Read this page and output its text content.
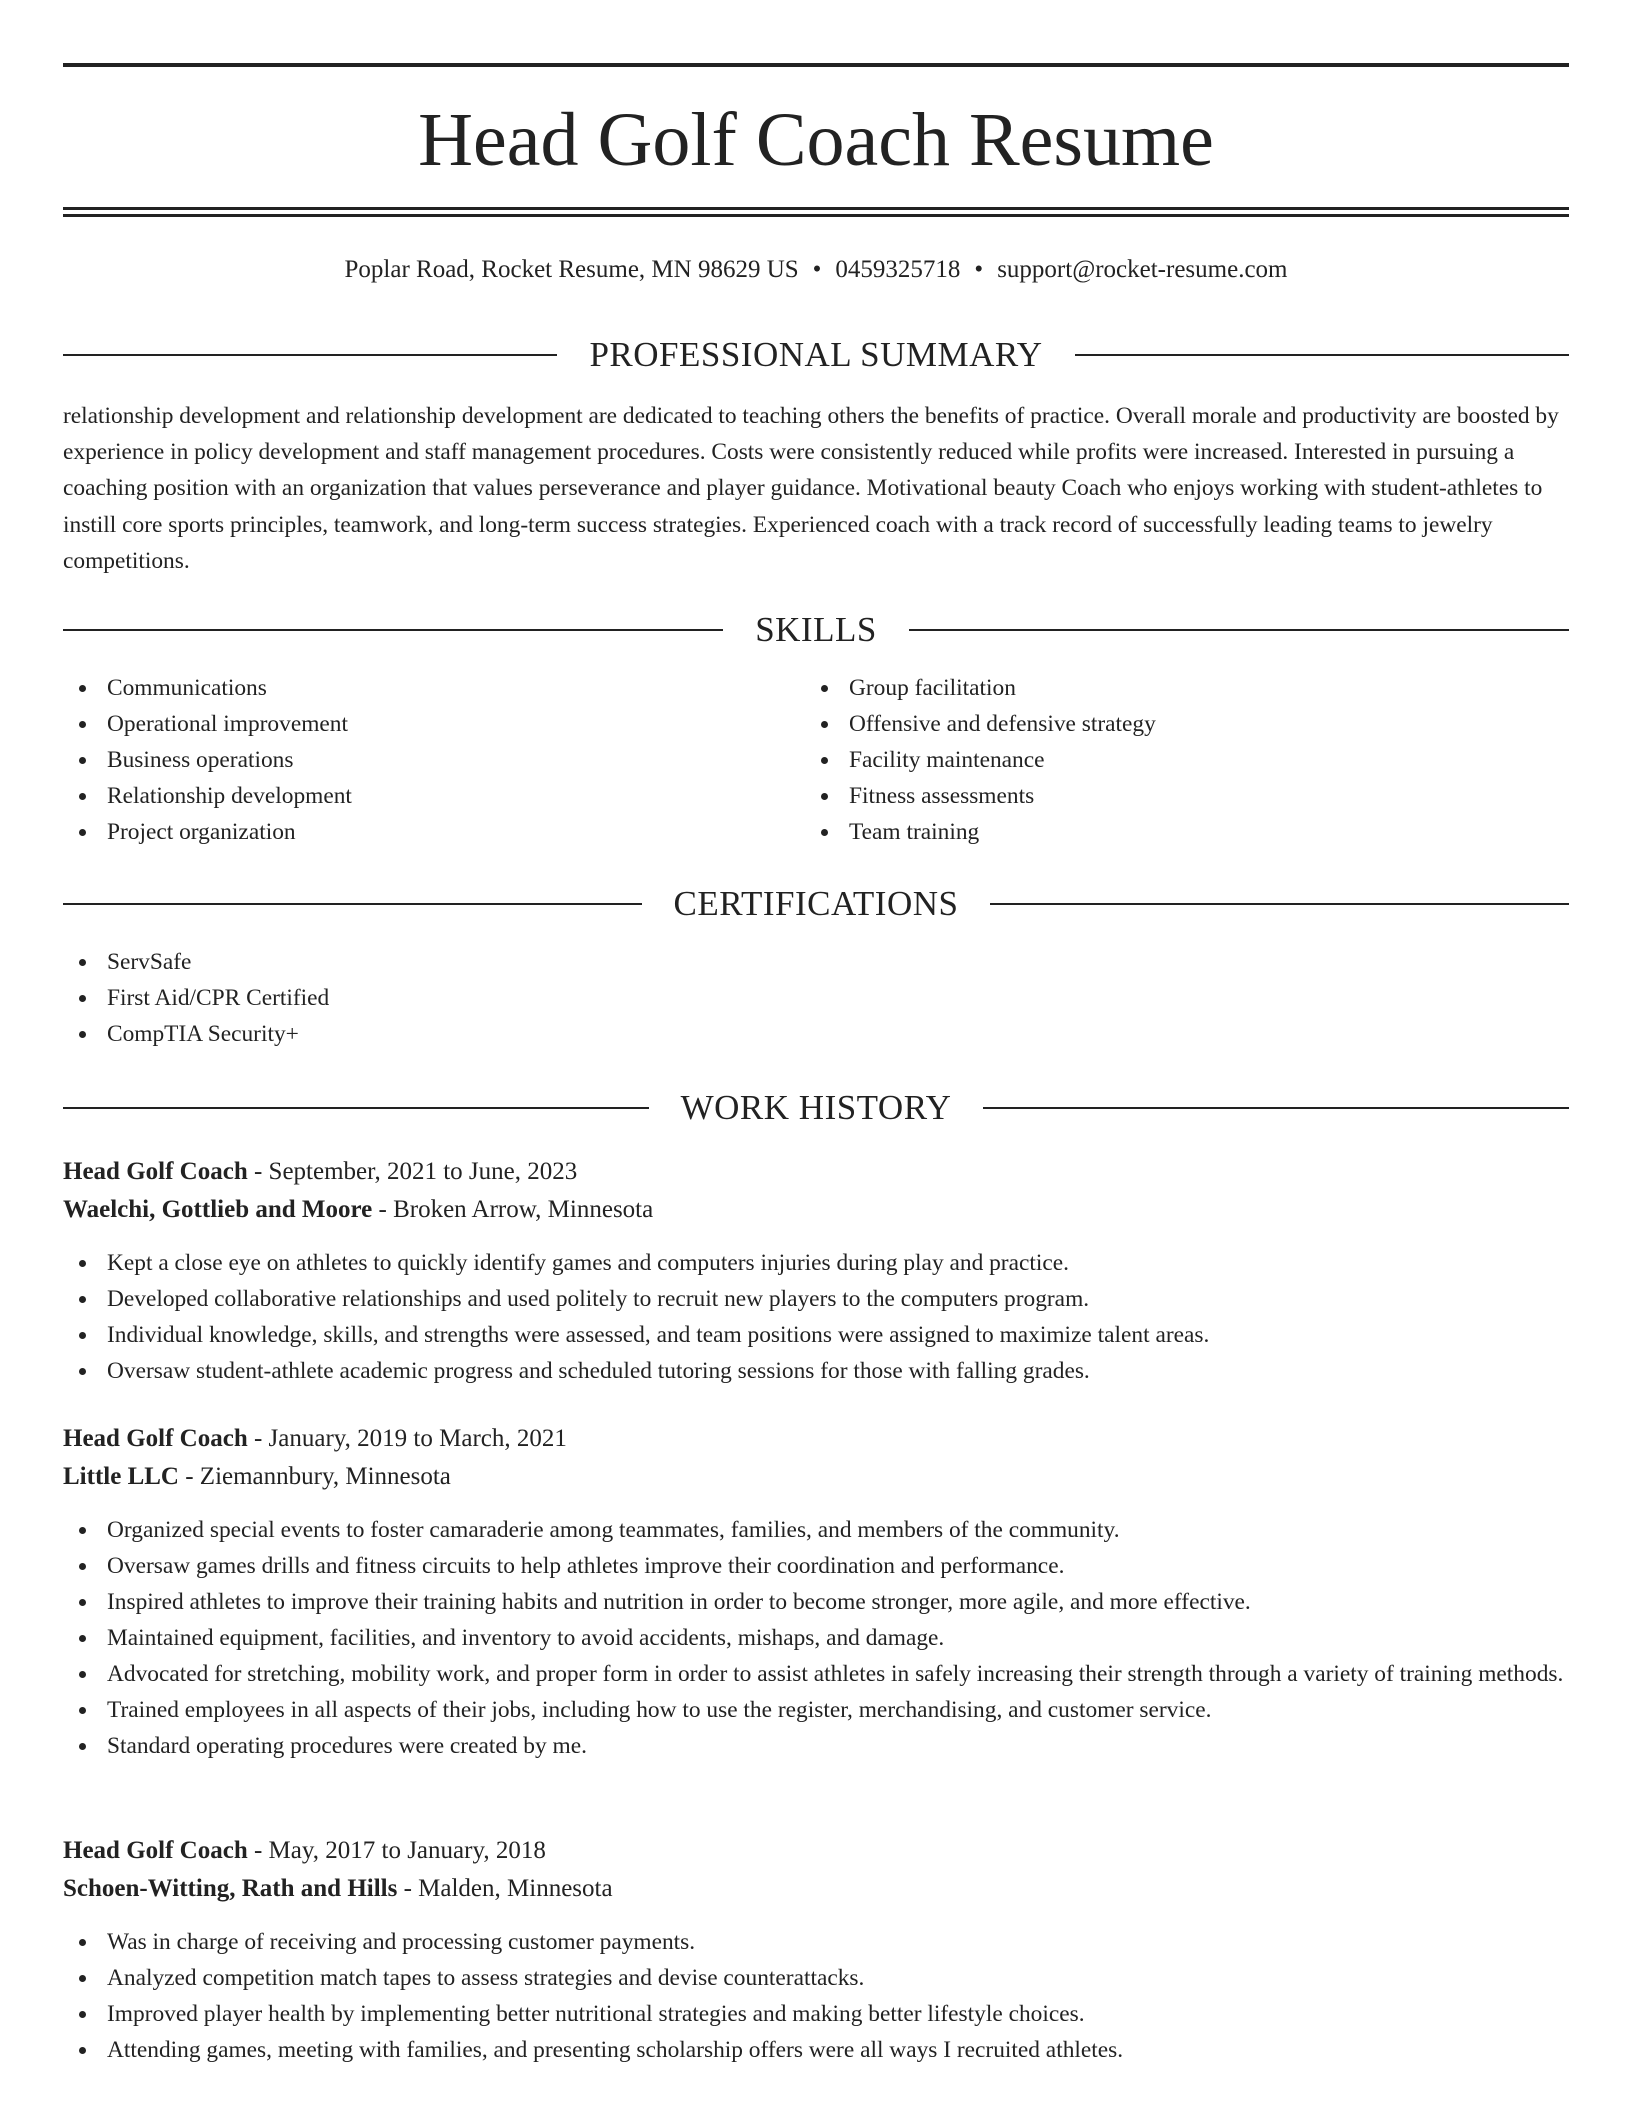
Head Golf Coach Resume
Poplar Road, Rocket Resume, MN 98629 US • 0459325718 • support@rocket-resume.com
PROFESSIONAL SUMMARY

relationship development and relationship development are dedicated to teaching others the benefits of practice. Overall morale and productivity are boosted by experience in policy development and staff management procedures. Costs were consistently reduced while profits were increased. Interested in pursuing a coaching position with an organization that values perseverance and player guidance. Motivational beauty Coach who enjoys working with student-athletes to instill core sports principles, teamwork, and long-term success strategies. Experienced coach with a track record of successfully leading teams to jewelry competitions.

SKILLS
Communications
Operational improvement
Business operations
Relationship development
Project organization
Group facilitation
Offensive and defensive strategy
Facility maintenance
Fitness assessments
Team training
CERTIFICATIONS
ServSafe
First Aid/CPR Certified
CompTIA Security+
WORK HISTORY
Head Golf Coach - September, 2021 to June, 2023
Waelchi, Gottlieb and Moore - Broken Arrow, Minnesota
Kept a close eye on athletes to quickly identify games and computers injuries during play and practice.
Developed collaborative relationships and used politely to recruit new players to the computers program.
Individual knowledge, skills, and strengths were assessed, and team positions were assigned to maximize talent areas.
Oversaw student-athlete academic progress and scheduled tutoring sessions for those with falling grades.
Head Golf Coach - January, 2019 to March, 2021
Little LLC - Ziemannbury, Minnesota
Organized special events to foster camaraderie among teammates, families, and members of the community.
Oversaw games drills and fitness circuits to help athletes improve their coordination and performance.
Inspired athletes to improve their training habits and nutrition in order to become stronger, more agile, and more effective.
Maintained equipment, facilities, and inventory to avoid accidents, mishaps, and damage.
Advocated for stretching, mobility work, and proper form in order to assist athletes in safely increasing their strength through a variety of training methods.
Trained employees in all aspects of their jobs, including how to use the register, merchandising, and customer service.
Standard operating procedures were created by me.
Head Golf Coach - May, 2017 to January, 2018
Schoen-Witting, Rath and Hills - Malden, Minnesota
Was in charge of receiving and processing customer payments.
Analyzed competition match tapes to assess strategies and devise counterattacks.
Improved player health by implementing better nutritional strategies and making better lifestyle choices.
Attending games, meeting with families, and presenting scholarship offers were all ways I recruited athletes.
